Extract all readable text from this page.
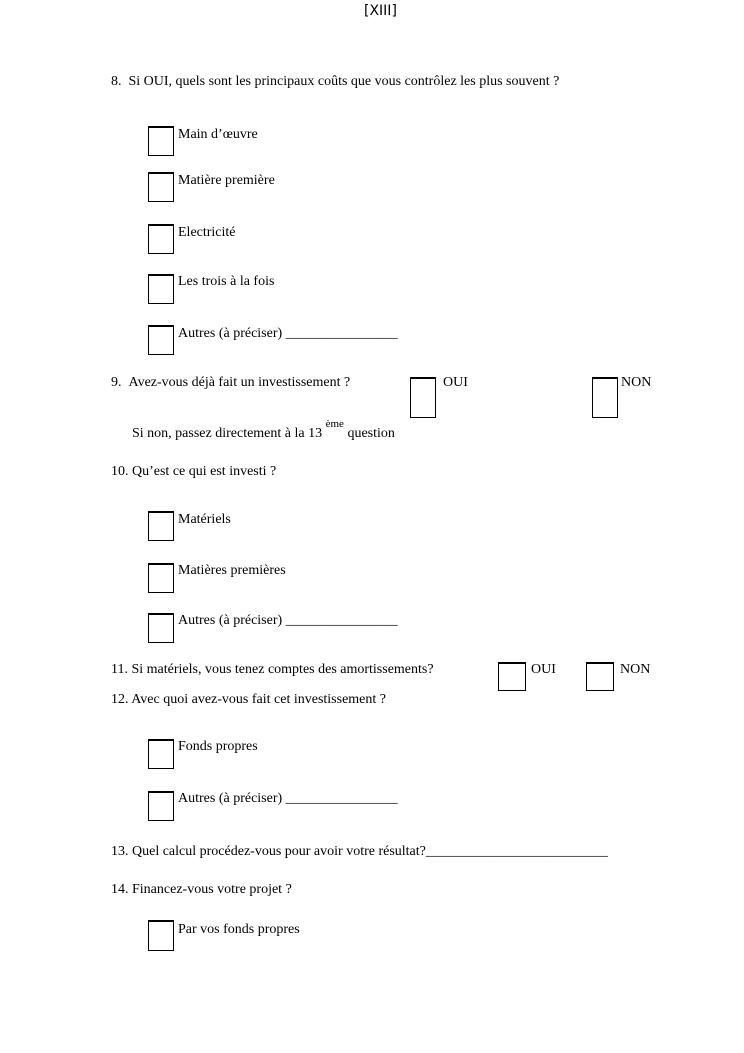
[XIII]
8.  Si OUI, quels sont les principaux coûts que vous contrôlez les plus souvent ?
Main d’œuvre
Matière première
Electricité
Les trois à la fois
Autres (à préciser) ________________
9.  Avez-vous déjà fait un investissement ?	OUI	NON
Si non, passez directement à la 13 $^{ème}$ question
10. Qu’est ce qui est investi ?
Matériels
Matières premières
Autres (à préciser) ________________
11. Si matériels, vous tenez comptes des amortissements?	OUI	NON
12. Avec quoi avez-vous fait cet investissement ?
Fonds propres
Autres (à préciser) ________________
13. Quel calcul procédez-vous pour avoir votre résultat?__________________________
14. Financez-vous votre projet ?
Par vos fonds propres
